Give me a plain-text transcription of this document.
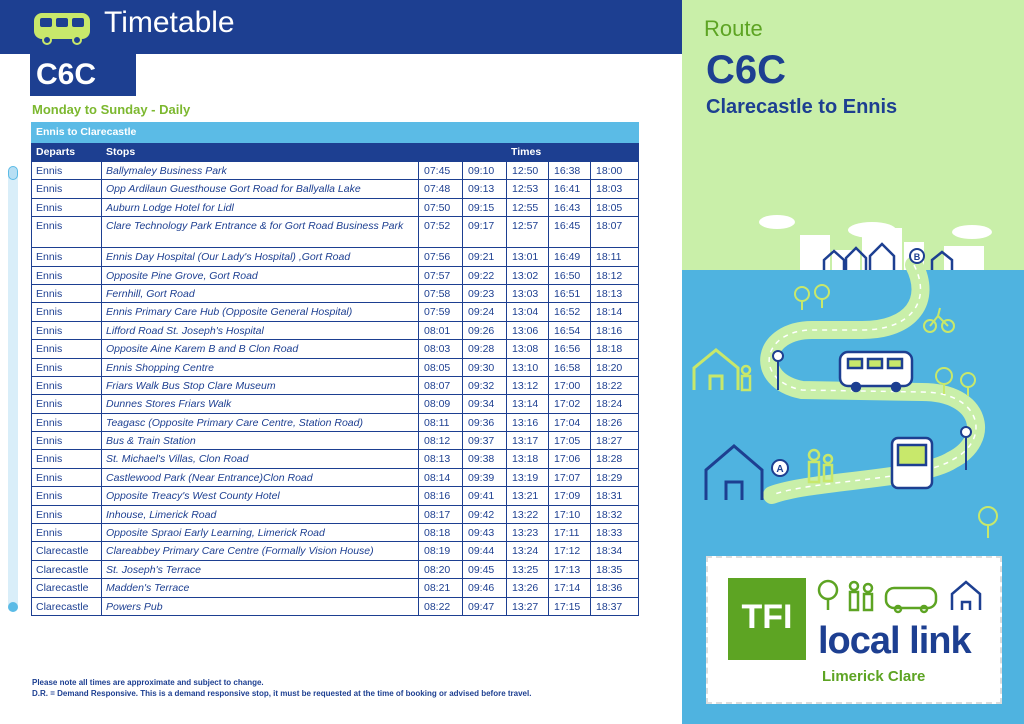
Timetable
C6C
Monday to Sunday - Daily
Ennis to Clarecastle						
Departs	Stops	Times				
Ennis	Ballymaley Business Park	07:45	09:10	12:50	16:38	18:00
Ennis	Opp Ardilaun Guesthouse Gort Road for Ballyalla Lake	07:48	09:13	12:53	16:41	18:03
Ennis	Auburn Lodge Hotel for Lidl	07:50	09:15	12:55	16:43	18:05
Ennis	Clare Technology Park Entrance & for Gort Road Business Park	07:52	09:17	12:57	16:45	18:07
Ennis	Ennis Day Hospital (Our Lady's Hospital) ,Gort Road	07:56	09:21	13:01	16:49	18:11
Ennis	Opposite Pine Grove, Gort Road	07:57	09:22	13:02	16:50	18:12
Ennis	Fernhill, Gort Road	07:58	09:23	13:03	16:51	18:13
Ennis	Ennis Primary Care Hub (Opposite General Hospital)	07:59	09:24	13:04	16:52	18:14
Ennis	Lifford Road St. Joseph's Hospital	08:01	09:26	13:06	16:54	18:16
Ennis	Opposite Aine Karem B and B Clon Road	08:03	09:28	13:08	16:56	18:18
Ennis	Ennis Shopping Centre	08:05	09:30	13:10	16:58	18:20
Ennis	Friars Walk Bus Stop Clare Museum	08:07	09:32	13:12	17:00	18:22
Ennis	Dunnes Stores Friars Walk	08:09	09:34	13:14	17:02	18:24
Ennis	Teagasc (Opposite Primary Care Centre, Station Road)	08:11	09:36	13:16	17:04	18:26
Ennis	Bus & Train Station	08:12	09:37	13:17	17:05	18:27
Ennis	St. Michael's Villas, Clon Road	08:13	09:38	13:18	17:06	18:28
Ennis	Castlewood Park (Near Entrance)Clon Road	08:14	09:39	13:19	17:07	18:29
Ennis	Opposite Treacy's West County Hotel	08:16	09:41	13:21	17:09	18:31
Ennis	Inhouse, Limerick Road	08:17	09:42	13:22	17:10	18:32
Ennis	Opposite Spraoi Early Learning, Limerick Road	08:18	09:43	13:23	17:11	18:33
Clarecastle	Clareabbey Primary Care Centre (Formally Vision House)	08:19	09:44	13:24	17:12	18:34
Clarecastle	St. Joseph's Terrace	08:20	09:45	13:25	17:13	18:35
Clarecastle	Madden's Terrace	08:21	09:46	13:26	17:14	18:36
Clarecastle	Powers Pub	08:22	09:47	13:27	17:15	18:37
Please note all times are approximate and subject to change.
D.R. = Demand Responsive. This is a demand responsive stop, it must be requested at the time of booking or advised before travel.
Route
C6C
Clarecastle to Ennis
B
A
TFI
local link
Limerick Clare
